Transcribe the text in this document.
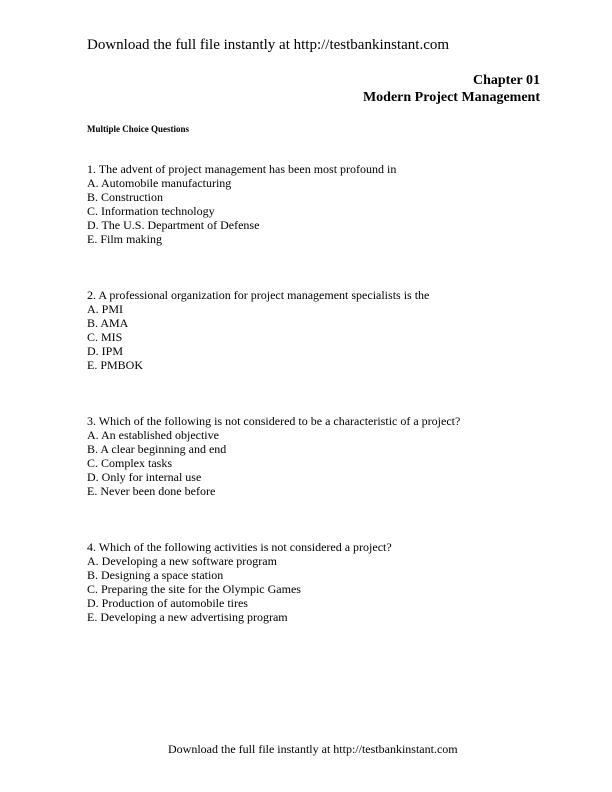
Download the full file instantly at http://testbankinstant.com
Chapter 01
Modern Project Management
Multiple Choice Questions
1. The advent of project management has been most profound in
A. Automobile manufacturing
B. Construction
C. Information technology
D. The U.S. Department of Defense
E. Film making
2. A professional organization for project management specialists is the
A. PMI
B. AMA
C. MIS
D. IPM
E. PMBOK
3. Which of the following is not considered to be a characteristic of a project?
A. An established objective
B. A clear beginning and end
C. Complex tasks
D. Only for internal use
E. Never been done before
4. Which of the following activities is not considered a project?
A. Developing a new software program
B. Designing a space station
C. Preparing the site for the Olympic Games
D. Production of automobile tires
E. Developing a new advertising program
Download the full file instantly at http://testbankinstant.com
